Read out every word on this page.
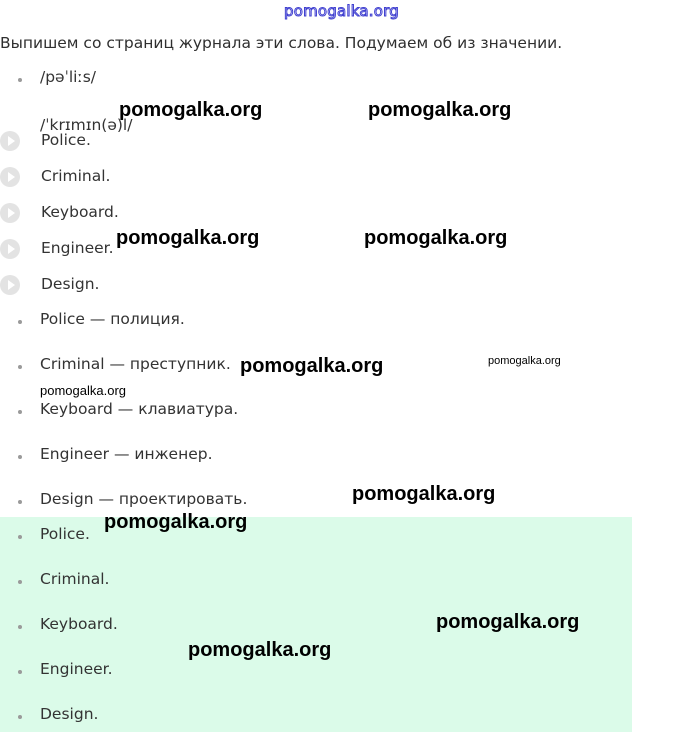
pomogalka.org
Выпишем со страниц журнала эти слова. Подумаем об из значении.
/pəˈliːs/
/ˈkrɪmɪn(ə)l/
Police.
Criminal.
Keyboard.
Engineer.
Design.
Police — полиция.
Criminal — преступник.
Keyboard — клавиатура.
Engineer — инженер.
Design — проектировать.
Police.
Criminal.
Keyboard.
Engineer.
Design.
pomogalka.org	pomogalka.org
pomogalka.org	pomogalka.org
pomogalka.org	pomogalka.org
pomogalka.org
pomogalka.org
pomogalka.org
pomogalka.org
pomogalka.org
